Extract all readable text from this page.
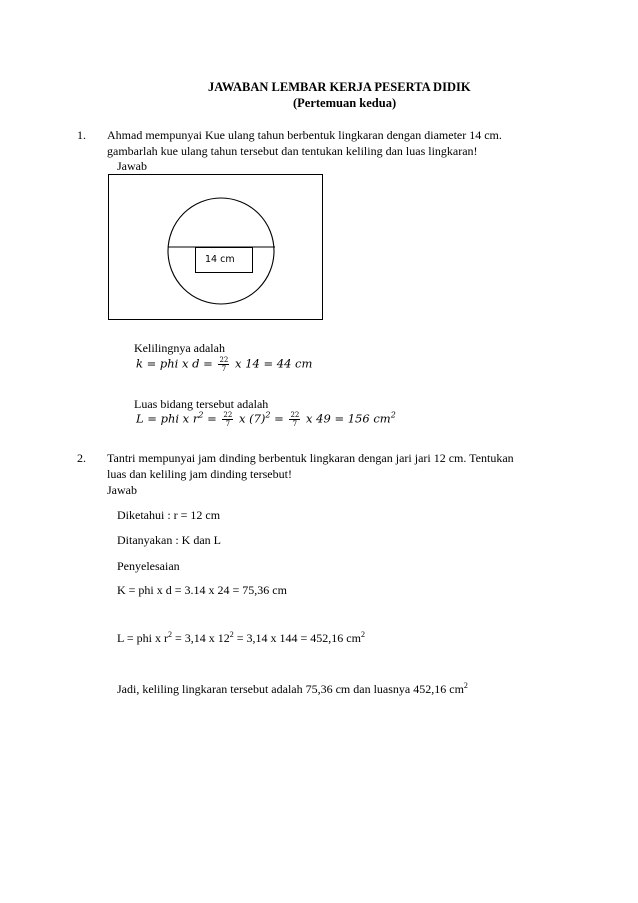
JAWABAN LEMBAR KERJA PESERTA DIDIK
(Pertemuan kedua)
1. Ahmad mempunyai Kue ulang tahun berbentuk lingkaran dengan diameter 14 cm.
gambarlah kue ulang tahun tersebut dan tentukan keliling dan luas lingkaran!
Jawab
14 cm
Kelilingnya adalah
k = phi x $d = \frac{22}{7}$ x 14 = 44 cm
Luas bidang tersebut adalah
L = phi x $r^2 = \frac{22}{7}$ x $(7)^2 = \frac{22}{7}$ x 49 = 156 $cm^2$
2. Tantri mempunyai jam dinding berbentuk lingkaran dengan jari jari 12 cm. Tentukan
luas dan keliling jam dinding tersebut!
Jawab
Diketahui : r = 12 cm
Ditanyakan : K dan L
Penyelesaian
K = phi x d = 3.14 x 24 = 75,36 cm
L = phi x $r^2 = 3,14$ x $12^2 = 3,14$ x 144 = 452,16 $cm^2$
Jadi, keliling lingkaran tersebut adalah 75,36 cm dan luasnya 452,16 $cm^2$
